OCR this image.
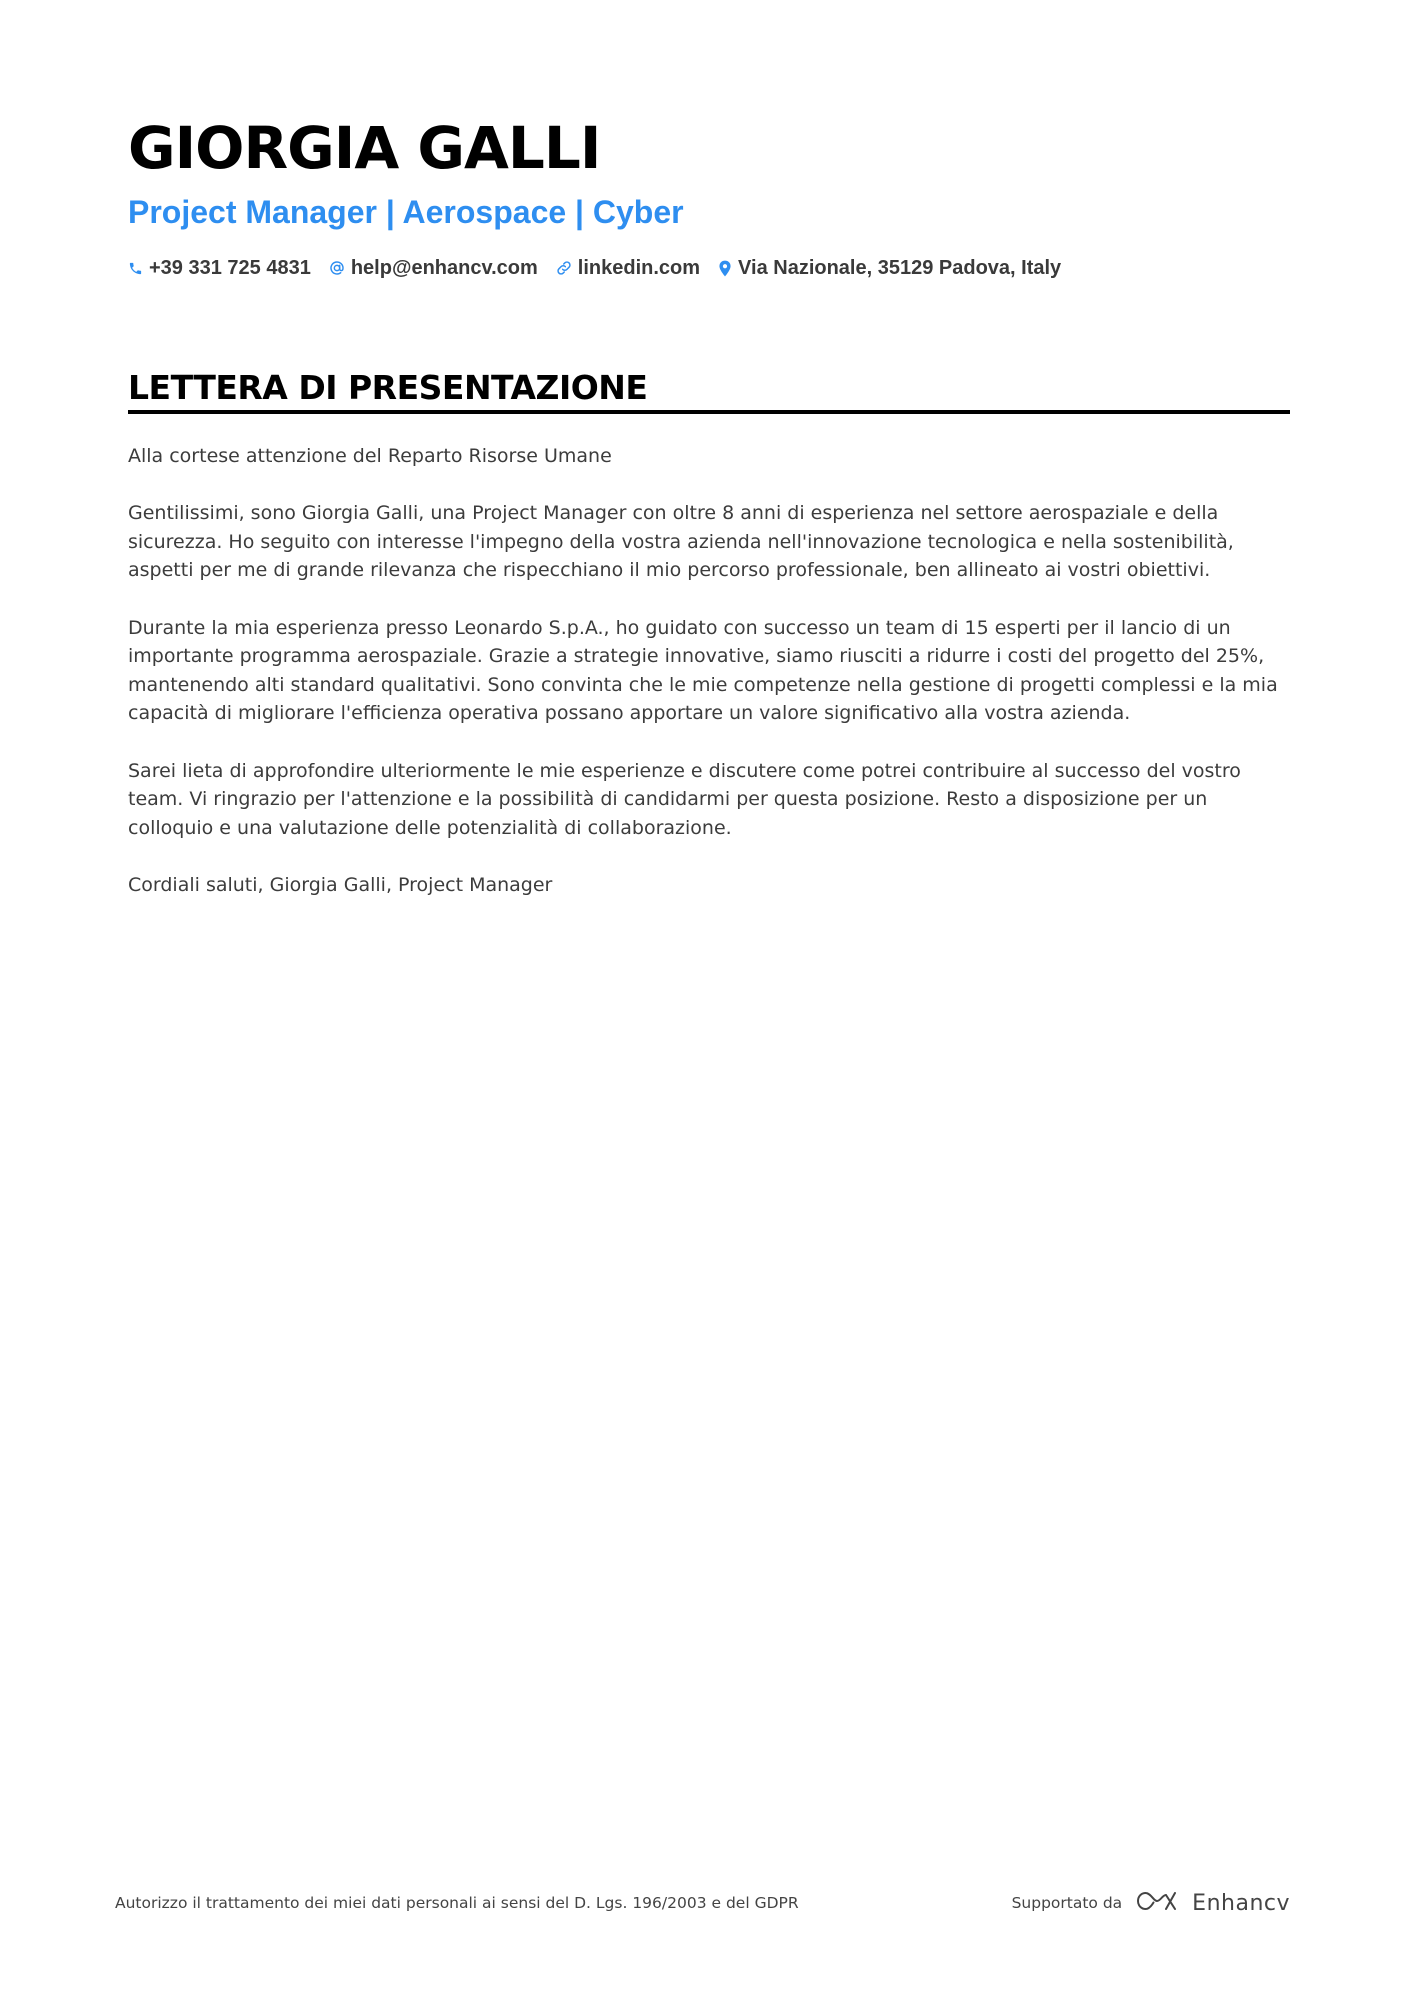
GIORGIA GALLI
Project Manager | Aerospace | Cyber
+39 331 725 4831 help@enhancv.com linkedin.com Via Nazionale, 35129 Padova, Italy
LETTERA DI PRESENTAZIONE

Alla cortese attenzione del Reparto Risorse Umane

Gentilissimi, sono Giorgia Galli, una Project Manager con oltre 8 anni di esperienza nel settore aerospaziale e della sicurezza. Ho seguito con interesse l'impegno della vostra azienda nell'innovazione tecnologica e nella sostenibilità, aspetti per me di grande rilevanza che rispecchiano il mio percorso professionale, ben allineato ai vostri obiettivi.

Durante la mia esperienza presso Leonardo S.p.A., ho guidato con successo un team di 15 esperti per il lancio di un importante programma aerospaziale. Grazie a strategie innovative, siamo riusciti a ridurre i costi del progetto del 25%, mantenendo alti standard qualitativi. Sono convinta che le mie competenze nella gestione di progetti complessi e la mia capacità di migliorare l'efficienza operativa possano apportare un valore significativo alla vostra azienda.

Sarei lieta di approfondire ulteriormente le mie esperienze e discutere come potrei contribuire al successo del vostro team. Vi ringrazio per l'attenzione e la possibilità di candidarmi per questa posizione. Resto a disposizione per un colloquio e una valutazione delle potenzialità di collaborazione.

Cordiali saluti, Giorgia Galli, Project Manager

Autorizzo il trattamento dei miei dati personali ai sensi del D. Lgs. 196/2003 e del GDPR	Supportato da	Enhancv
